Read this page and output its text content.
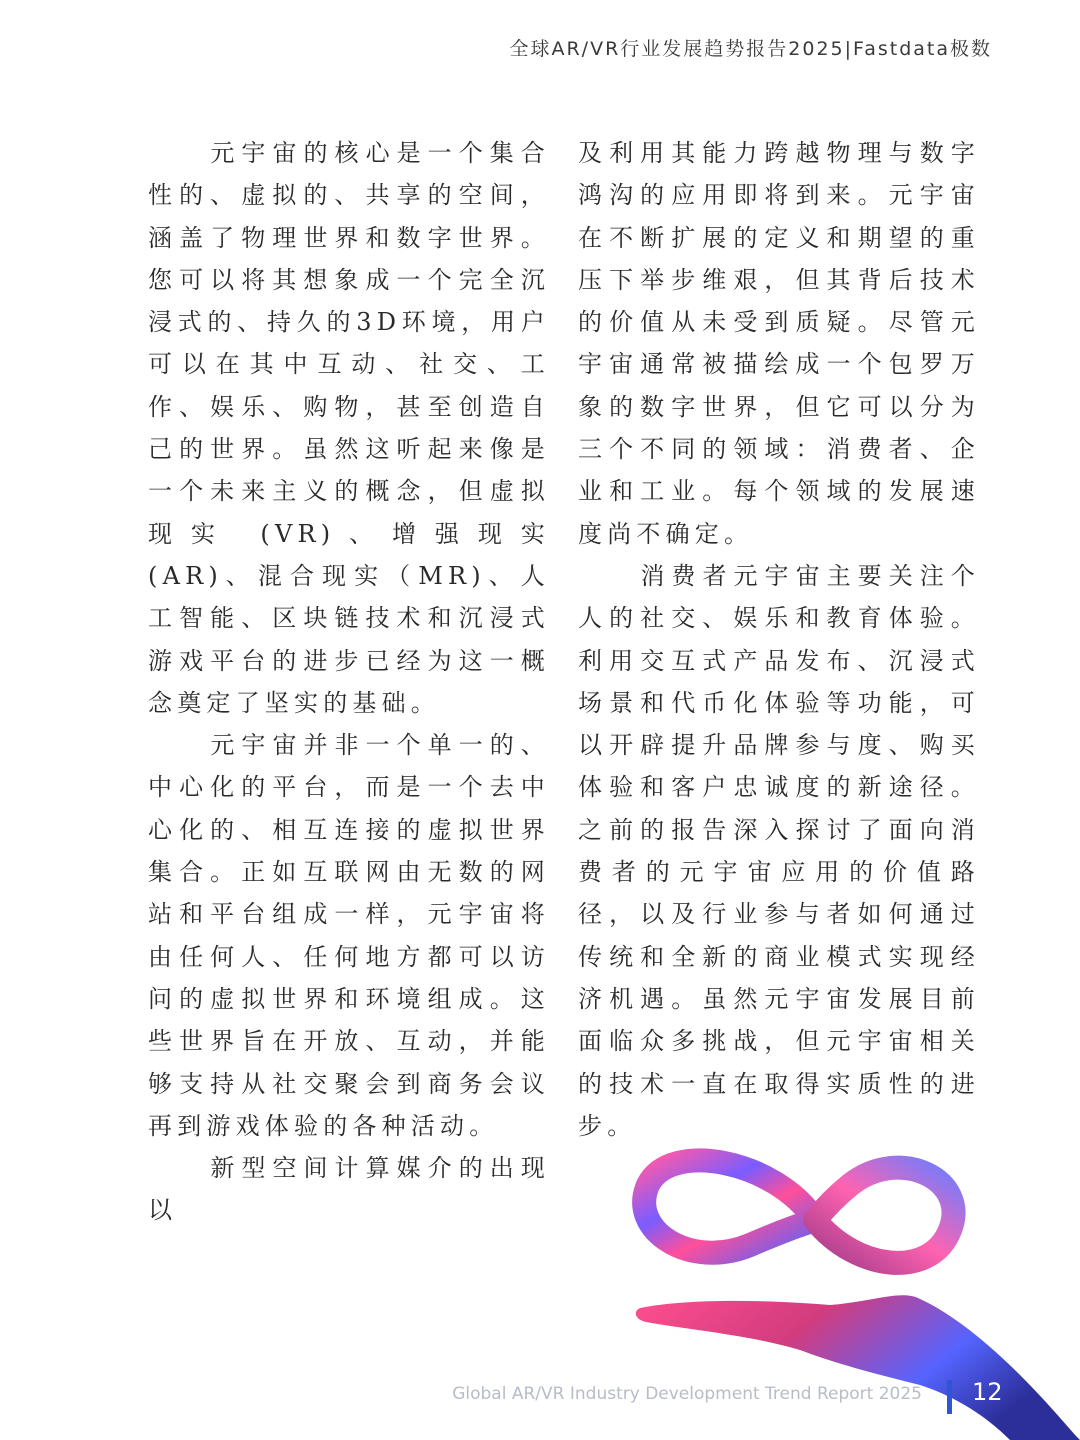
全球AR/VR行业发展趋势报告2025|Fastdata极数

元宇宙的核心是一个集合性的、虚拟的、共享的空间，涵盖了物理世界和数字世界。您可以将其想象成一个完全沉浸式的、持久的3D环境，用户可以在其中互动、社交、工作、娱乐、购物，甚至创造自己的世界。虽然这听起来像是一个未来主义的概念，但虚拟现实 (VR)、增强现实 (AR)、混合现实（MR)、人工智能、区块链技术和沉浸式游戏平台的进步已经为这一概念奠定了坚实的基础。

元宇宙并非一个单一的、中心化的平台，而是一个去中心化的、相互连接的虚拟世界集合。正如互联网由无数的网站和平台组成一样，元宇宙将由任何人、任何地方都可以访问的虚拟世界和环境组成。这些世界旨在开放、互动，并能够支持从社交聚会到商务会议再到游戏体验的各种活动。

新型空间计算媒介的出现以

及利用其能力跨越物理与数字鸿沟的应用即将到来。元宇宙在不断扩展的定义和期望的重压下举步维艰，但其背后技术的价值从未受到质疑。尽管元宇宙通常被描绘成一个包罗万象的数字世界，但它可以分为三个不同的领域：消费者、企业和工业。每个领域的发展速度尚不确定。

消费者元宇宙主要关注个人的社交、娱乐和教育体验。利用交互式产品发布、沉浸式场景和代币化体验等功能，可以开辟提升品牌参与度、购买体验和客户忠诚度的新途径。之前的报告深入探讨了面向消费者的元宇宙应用的价值路径，以及行业参与者如何通过传统和全新的商业模式实现经济机遇。虽然元宇宙发展目前面临众多挑战，但元宇宙相关的技术一直在取得实质性的进步。

Global AR/VR Industry Development Trend Report 2025 12
